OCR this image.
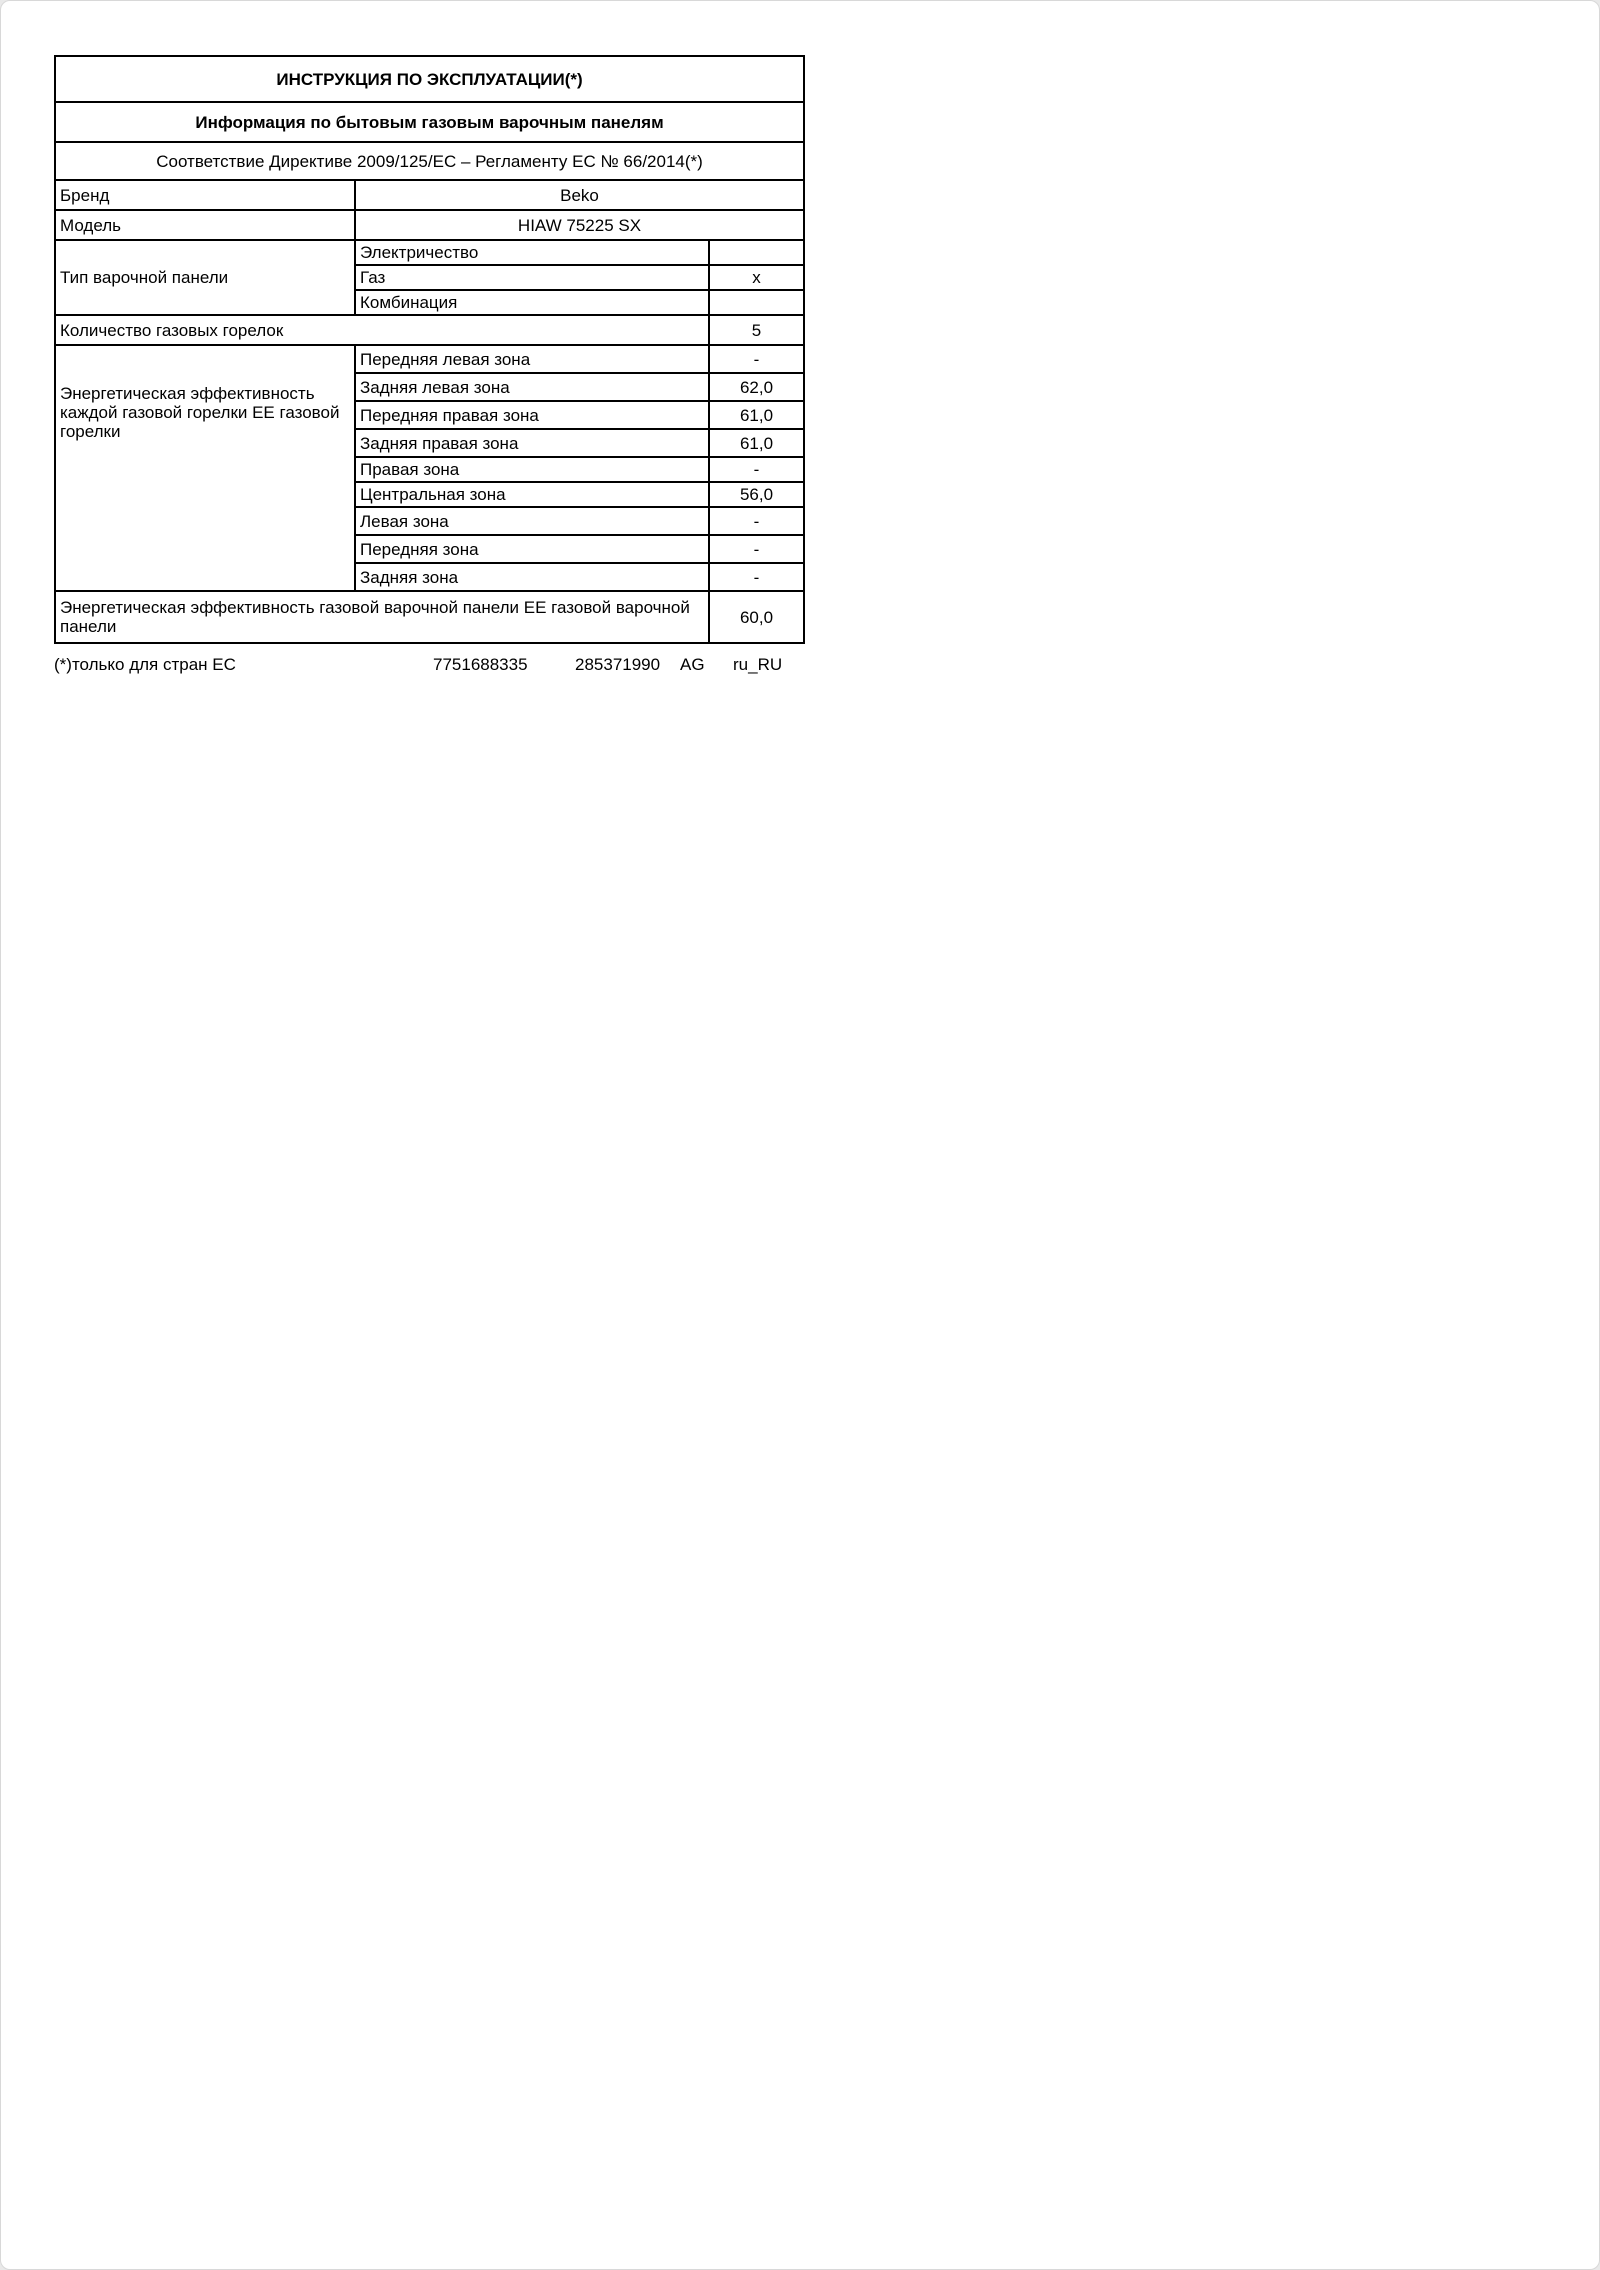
ИНСТРУКЦИЯ ПО ЭКСПЛУАТАЦИИ(*)		
Информация по бытовым газовым варочным панелям		
Соответствие Директиве 2009/125/EC – Регламенту EC № 66/2014(*)		
Бренд	Beko	
Модель	HIAW 75225 SX	
Тип варочной панели	Электричество	
	Газ	x
	Комбинация	
Количество газовых горелок		5
Энергетическая эффективность каждой газовой горелки EE газовой горелки	Передняя левая зона	-
	Задняя левая зона	62,0
	Передняя правая зона	61,0
	Задняя правая зона	61,0
	Правая зона	-
	Центральная зона	56,0
	Левая зона	-
	Передняя зона	-
	Задняя зона	-
Энергетическая эффективность газовой варочной панели EE газовой варочной панели		60,0
(*)только для стран ЕС	7751688335	285371990 AG ru_RU
